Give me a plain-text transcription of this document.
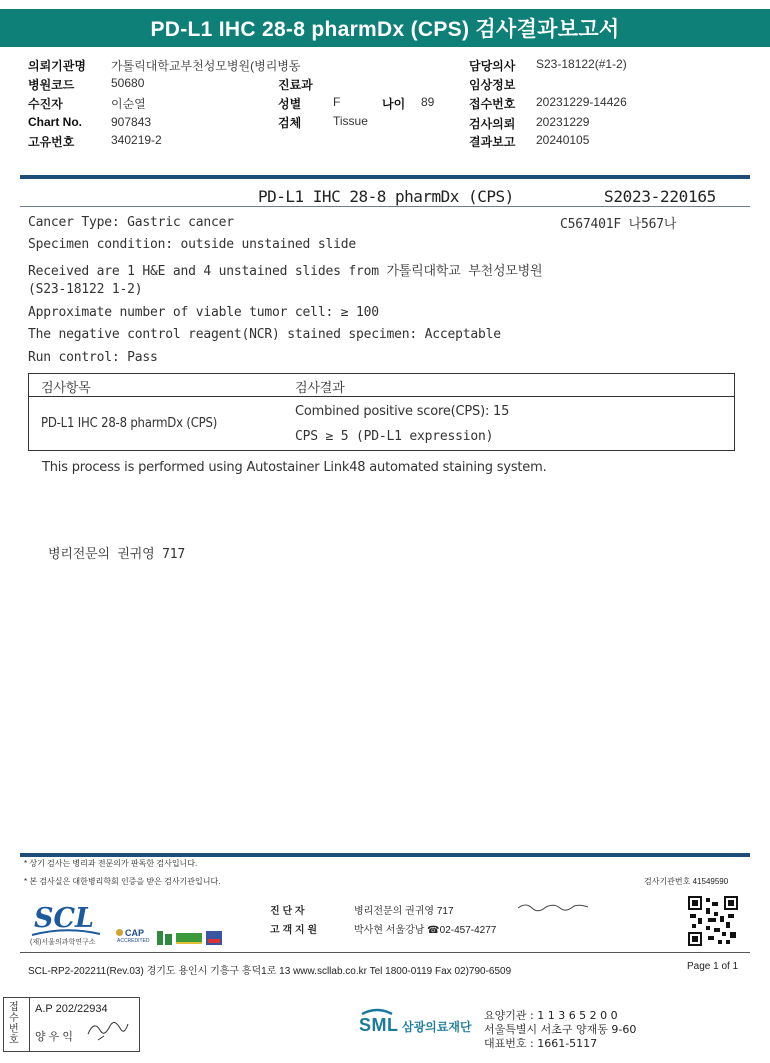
PD-L1 IHC 28-8 pharmDx (CPS) 검사결과보고서
의뢰기관명 가톨릭대학교부천성모병원(병리병동	담당의사 S23-18122(#1-2)
병원코드	50680	진료과	임상정보
수진자	이순열	성별	F	나이 89	접수번호 20231229-14426
Chart No. 907843	검체	Tissue	검사의뢰 20231229
고유번호	340219-2	결과보고 20240105
PD-L1 IHC 28-8 pharmDx (CPS)	S2023-220165
C567401F 나567나
Cancer Type: Gastric cancer
Specimen condition: outside unstained slide
Received are 1 H&E and 4 unstained slides from 가톨릭대학교 부천성모병원
(S23-18122 1-2)
Approximate number of viable tumor cell: ≥ 100
The negative control reagent(NCR) stained specimen: Acceptable
Run control: Pass
검사항목	검사결과
PD-L1 IHC 28-8 pharmDx (CPS)
Combined positive score(CPS): 15
CPS ≥ 5 (PD-L1 expression)
This process is performed using Autostainer Link48 automated staining system.
병리전문의 권귀영 717
* 상기 검사는 병리과 전문의가 판독한 검사입니다.
* 본 검사실은 대한병리학회 인증을 받은 검사기관입니다.	검사기관번호 41549590
SCL
(재)서울의과학연구소
CAP
ACCREDITED
진 단 자	병리전문의 권귀영 717
고 객 지 원	박사현 서울강남 ☎02-457-4277
SCL-RP2-202211(Rev.03) 경기도 용인시 기흥구 흥덕1로 13 www.scllab.co.kr Tel 1800-0119 Fax 02)790-6509	Page 1 of 1
접수번호
A.P 202/22934
양 우 익
SML 삼광의료재단
요양기관 : 1 1 3 6 5 2 0 0
서울특별시 서초구 양재동 9-60
대표번호 : 1661-5117
